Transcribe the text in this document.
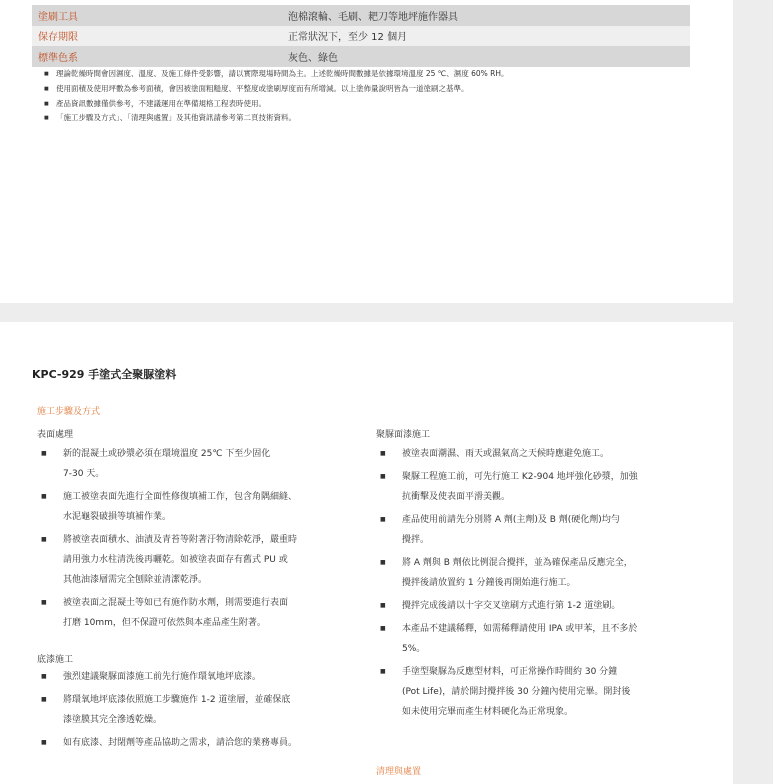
塗刷工具	泡棉滾輪、毛刷、耙刀等地坪施作器具
保存期限	正常狀況下，至少 12 個月
標準色系	灰色、綠色
■ 理論乾燥時間會因濕度、溫度、及施工條件受影響，請以實際現場時間為主。上述乾燥時間數據是依據環境溫度 25 ℃、濕度 60% RH。
■ 使用面積及使用坪數為參考面積，會因被塗面粗糙度、平整度或塗刷厚度而有所增減。以上塗佈量說明皆為一道塗刷之基準。
■ 產品資訊數據僅供參考，不建議運用在準備規格工程表時使用。
■ 「施工步驟及方式」、「清理與處置」及其他資訊請參考第二頁技術資料。
KPC-929 手塗式全聚脲塗料
施工步驟及方式
表面處理
■ 新的混凝土或砂漿必須在環境溫度 25℃ 下至少固化
7-30 天。
■ 施工被塗表面先進行全面性修復填補工作，包含角隅細縫、
水泥龜裂破損等填補作業。
■ 將被塗表面積水、油漬及青苔等附著汙物清除乾淨，嚴重時
請用強力水柱清洗後再曬乾。如被塗表面存有舊式 PU 或
其他油漆層需完全刨除並清潔乾淨。
■ 被塗表面之混凝土等如已有施作防水劑，則需要進行表面
打磨 10mm，但不保證可依然與本產品產生附著。
底漆施工
■ 強烈建議聚脲面漆施工前先行施作環氧地坪底漆。
■ 將環氧地坪底漆依照施工步驟施作 1-2 道塗層，並確保底
漆塗膜其完全滲透乾燥。
■ 如有底漆、封閉劑等產品協助之需求，請洽您的業務專員。
聚脲面漆施工
■ 被塗表面潮濕、雨天或濕氣高之天候時應避免施工。
■ 聚脲工程施工前，可先行施工 K2-904 地坪強化砂漿，加強
抗衝擊及使表面平滑美觀。
■ 產品使用前請先分別將 A 劑(主劑)及 B 劑(硬化劑)均勻
攪拌。
■ 將 A 劑與 B 劑依比例混合攪拌，並為確保產品反應完全，
攪拌後請放置約 1 分鐘後再開始進行施工。
■ 攪拌完成後請以十字交叉塗刷方式進行第 1-2 道塗刷。
■ 本產品不建議稀釋，如需稀釋請使用 IPA 或甲苯，且不多於
5%。
■ 手塗型聚脲為反應型材料，可正常操作時間約 30 分鐘
(Pot Life)，請於開封攪拌後 30 分鐘內使用完畢。開封後
如未使用完畢而產生材料硬化為正常現象。
清理與處置
